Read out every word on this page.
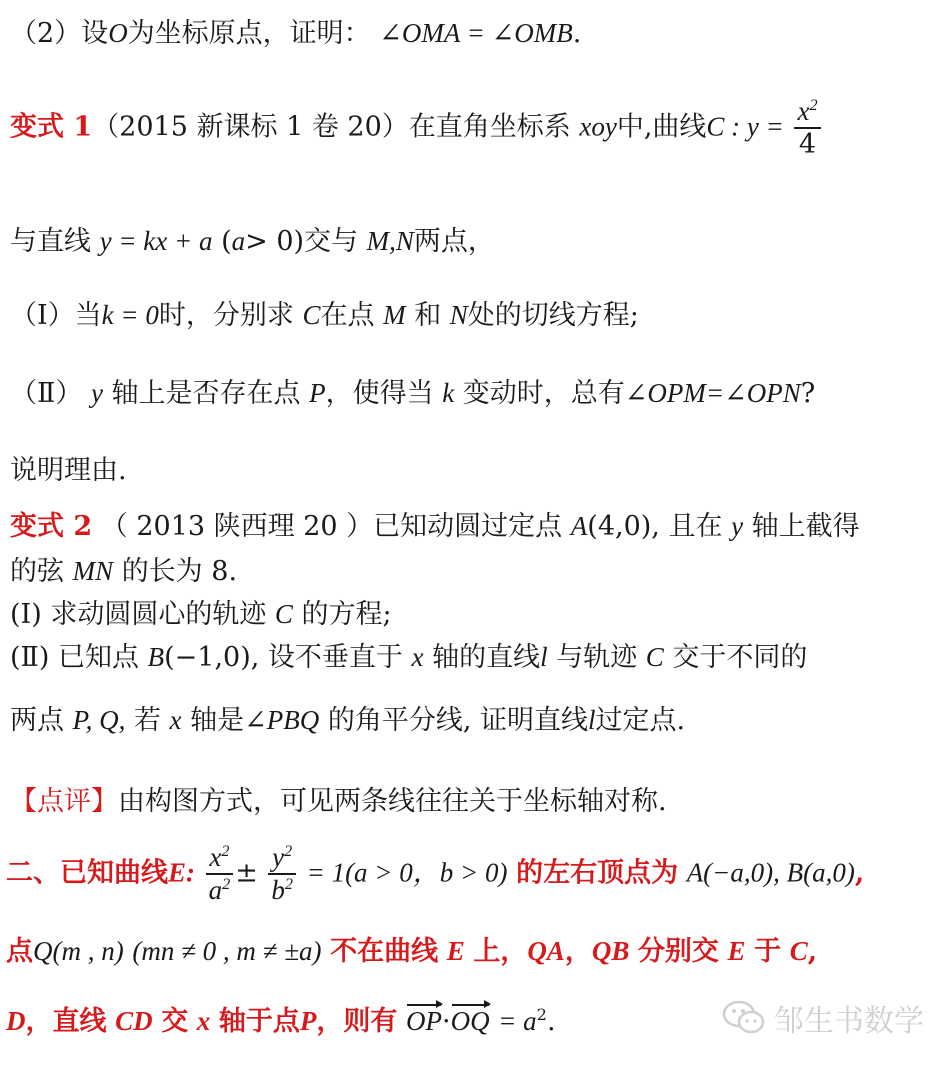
（2）设O为坐标原点，证明： ∠OMA = ∠OMB.
变式 1（2015 新课标 1 卷 20）在直角坐标系 xoy中,曲线C : $y = \frac{x^2}{4}$
与直线 y = kx + a (a> 0)交与 M,N两点，
（Ⅰ）当k = 0时，分别求 C在点 M 和 N处的切线方程;
（Ⅱ） y 轴上是否存在点 P，使得当 k 变动时，总有∠OPM=∠OPN?
说明理由.
变式 2 （ 2013 陕西理 20 ）已知动圆过定点 A(4,0), 且在 y 轴上截得
的弦 MN 的长为 8.
(Ⅰ) 求动圆圆心的轨迹 C 的方程;
(Ⅱ) 已知点 B(−1,0), 设不垂直于 x 轴的直线l 与轨迹 C 交于不同的
两点 P, Q, 若 x 轴是∠PBQ 的角平分线, 证明直线l过定点.
【点评】由构图方式，可见两条线往往关于坐标轴对称.
二、已知曲线E: $\frac{x^2}{a^2} \pm \frac{y^2}{b^2} = 1(a > 0$，b > 0) 的左右顶点为 A(−a,0), B(a,0),
点Q(m , n) (mn ≠ 0 , m ≠ ±a) 不在曲线 E 上，QA，QB 分别交 E 于 C,
D，直线 CD 交 x 轴于点P，则有 $OP\cdot OQ = a^2$.	邹生书数学
